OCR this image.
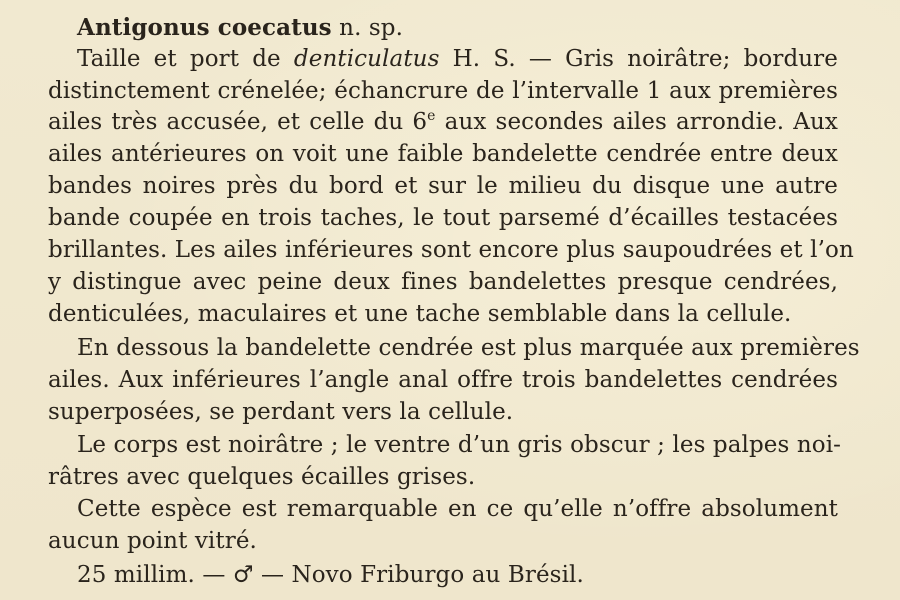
Antigonus coecatus n. sp.
Taille et port de denticulatus H. S. — Gris noirâtre; bordure
distinctement crénelée; échancrure de l’intervalle 1 aux premières
ailes très accusée, et celle du 6e aux secondes ailes arrondie. Aux
ailes antérieures on voit une faible bandelette cendrée entre deux
bandes noires près du bord et sur le milieu du disque une autre
bande coupée en trois taches, le tout parsemé d’écailles testacées
brillantes. Les ailes inférieures sont encore plus saupoudrées et l’on
y distingue avec peine deux fines bandelettes presque cendrées,
denticulées, maculaires et une tache semblable dans la cellule.
En dessous la bandelette cendrée est plus marquée aux premières
ailes. Aux inférieures l’angle anal offre trois bandelettes cendrées
superposées, se perdant vers la cellule.
Le corps est noirâtre ; le ventre d’un gris obscur ; les palpes noi-
râtres avec quelques écailles grises.
Cette espèce est remarquable en ce qu’elle n’offre absolument
aucun point vitré.
25 millim. — ♂ — Novo Friburgo au Brésil.
